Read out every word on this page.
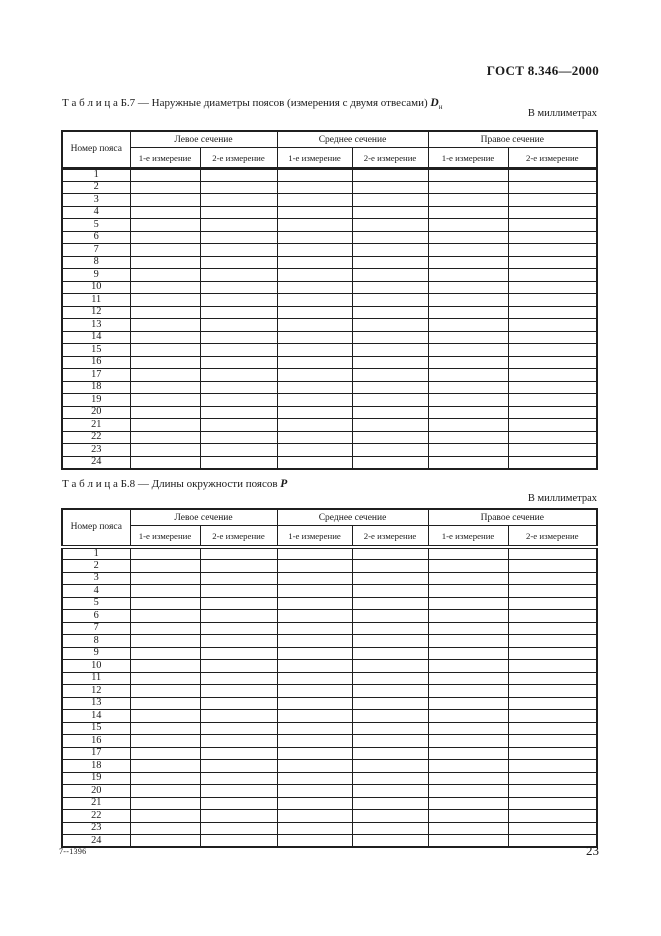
ГОСТ 8.346—2000
Т а б л и ц а Б.7 — Наружные диаметры поясов (измерения с двумя отвесами) $D_н$
В миллиметрах
Номер пояса	Левое сечение		Среднее сечение		Правое сечение	
	1-е измерение	2-е измерение	1-е измерение	2-е измерение	1-е измерение	2-е измерение
1						
2						
3						
4						
5						
6						
7						
8						
9						
10						
11						
12						
13						
14						
15						
16						
17						
18						
19						
20						
21						
22						
23						
24						
Т а б л и ц а Б.8 — Длины окружности поясов P
В миллиметрах
Номер пояса	Левое сечение		Среднее сечение		Правое сечение	
	1-е измерение	2-е измерение	1-е измерение	2-е измерение	1-е измерение	2-е измерение
1						
2						
3						
4						
5						
6						
7						
8						
9						
10						
11						
12						
13						
14						
15						
16						
17						
18						
19						
20						
21						
22						
23						
24						
7--1396	23
